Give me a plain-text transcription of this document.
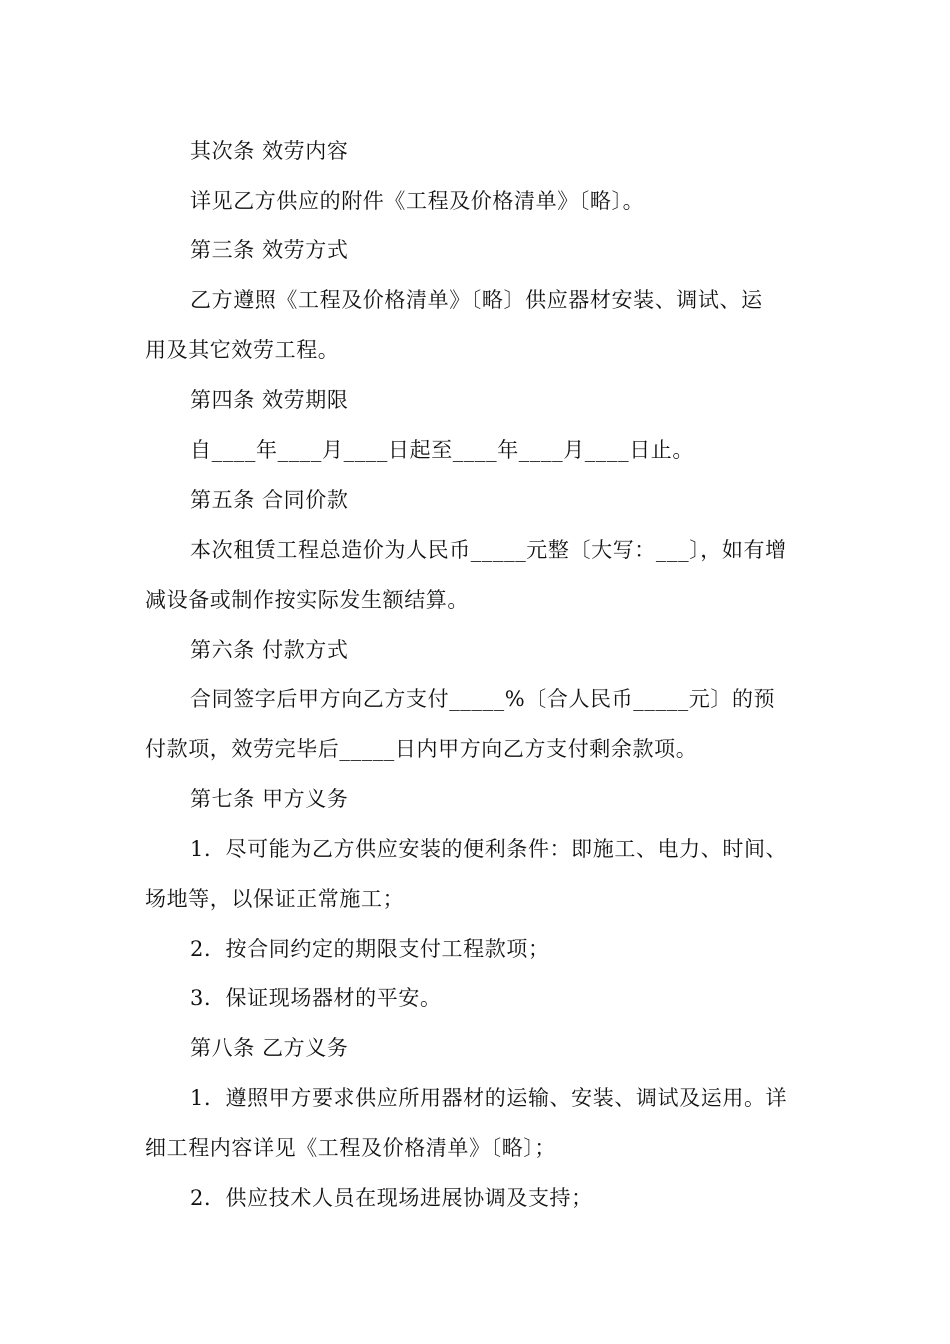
其次条 效劳内容
详见乙方供应的附件《工程及价格清单》〔略〕。
第三条 效劳方式
乙方遵照《工程及价格清单》〔略〕供应器材安装、调试、运
用及其它效劳工程。
第四条 效劳期限
自____年____月____日起至____年____月____日止。
第五条 合同价款
本次租赁工程总造价为人民币_____元整〔大写：___〕，如有增
减设备或制作按实际发生额结算。
第六条 付款方式
合同签字后甲方向乙方支付_____%〔合人民币_____元〕的预
付款项，效劳完毕后_____日内甲方向乙方支付剩余款项。
第七条 甲方义务
1．尽可能为乙方供应安装的便利条件：即施工、电力、时间、
场地等，以保证正常施工；
2．按合同约定的期限支付工程款项；
3．保证现场器材的平安。
第八条 乙方义务
1．遵照甲方要求供应所用器材的运输、安装、调试及运用。详
细工程内容详见《工程及价格清单》〔略〕；
2．供应技术人员在现场进展协调及支持；
